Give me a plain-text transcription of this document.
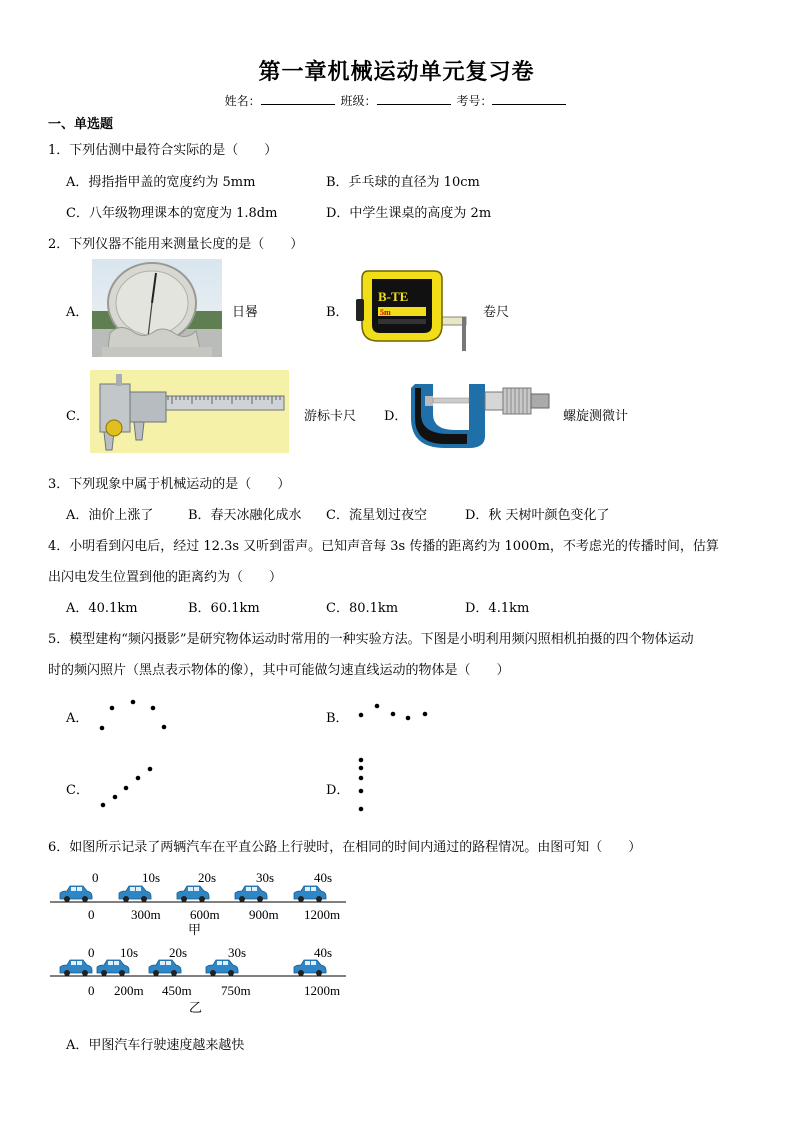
第一章机械运动单元复习卷
姓名：	班级：	考号：
一、单选题
1．下列估测中最符合实际的是（　　）
A．拇指指甲盖的宽度约为 5mm	B．乒乓球的直径为 10cm
C．八年级物理课本的宽度为 1.8dm	D．中学生课桌的高度为 2m
2．下列仪器不能用来测量长度的是（　　）
A．	日晷	B．
B-TE
5m	卷尺
C．	游标卡尺 D．	螺旋测微计
3．下列现象中属于机械运动的是（　　）
A．油价上涨了	B．春天冰融化成水 C．流星划过夜空	D．秋 天树叶颜色变化了
4．小明看到闪电后，经过 12.3s 又听到雷声。已知声音每 3s 传播的距离约为 1000m，不考虑光的传播时间，估算
出闪电发生位置到他的距离约为（　　）
A．40.1km	B．60.1km	C．80.1km	D．4.1km
5．模型建构“频闪摄影”是研究物体运动时常用的一种实验方法。下图是小明利用频闪照相机拍摄的四个物体运动
时的频闪照片（黑点表示物体的像），其中可能做匀速直线运动的物体是（　　）
A．	B．
C．	D．
6．如图所示记录了两辆汽车在平直公路上行驶时，在相同的时间内通过的路程情况。由图可知（　　）
0	10s	20s	30s	40s
0	300m 600m 900m 1200m
甲
0 10s 20s	30s	40s
0 200m 450m 750m	1200m
乙
A．甲图汽车行驶速度越来越快
